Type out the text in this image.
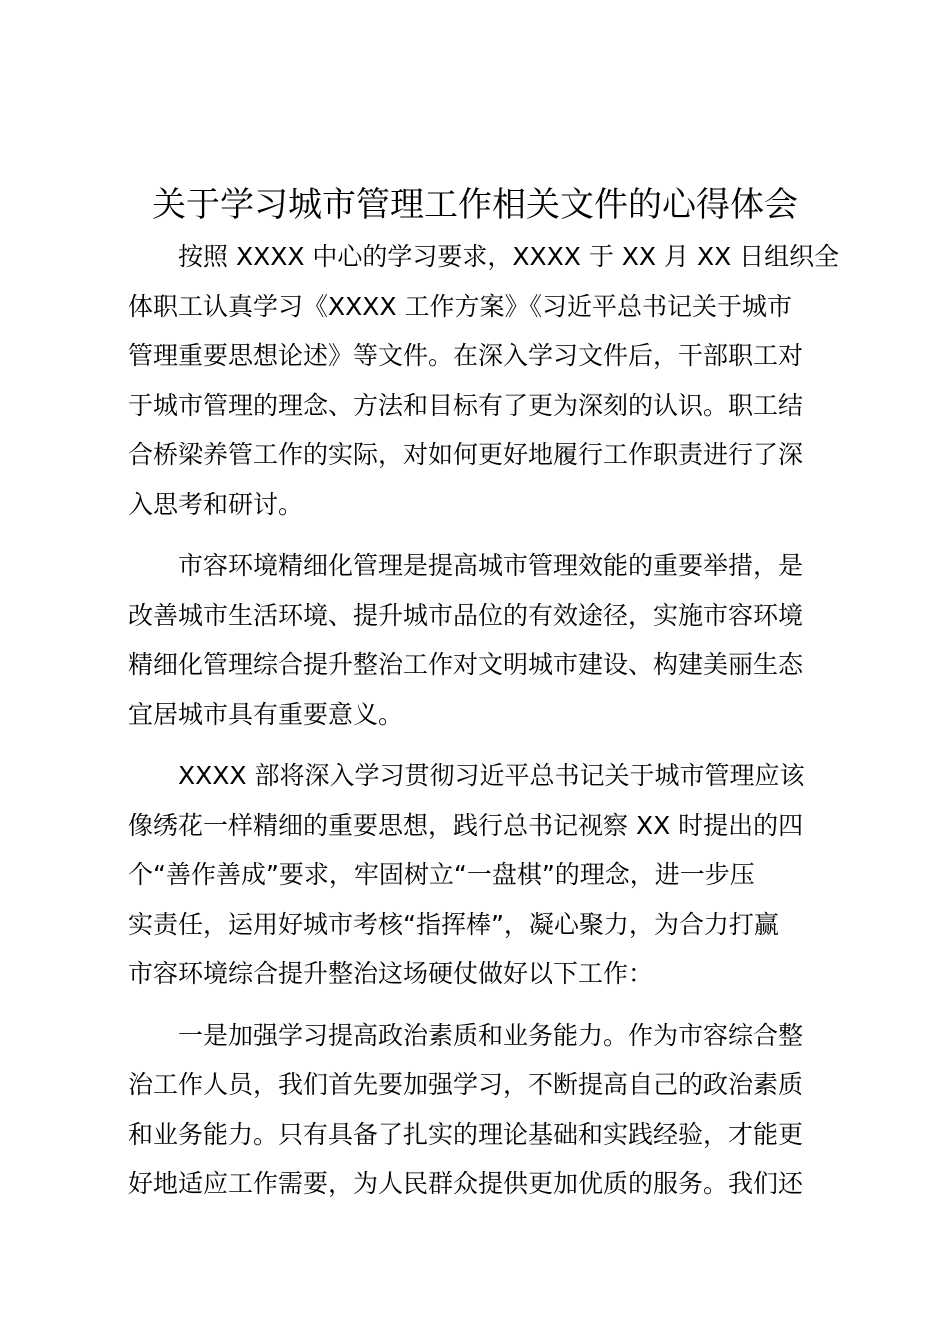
关于学习城市管理工作相关文件的心得体会

按照 XXXX 中心的学习要求，XXXX 于 XX 月 XX 日组织全
体职工认真学习《XXXX 工作方案》《习近平总书记关于城市
管理重要思想论述》等文件。在深入学习文件后，干部职工对
于城市管理的理念、方法和目标有了更为深刻的认识。职工结
合桥梁养管工作的实际，对如何更好地履行工作职责进行了深
入思考和研讨。

市容环境精细化管理是提高城市管理效能的重要举措，是
改善城市生活环境、提升城市品位的有效途径，实施市容环境
精细化管理综合提升整治工作对文明城市建设、构建美丽生态
宜居城市具有重要意义。

XXXX 部将深入学习贯彻习近平总书记关于城市管理应该
像绣花一样精细的重要思想，践行总书记视察 XX 时提出的四
个“善作善成”要求，牢固树立“一盘棋”的理念，进一步压
实责任，运用好城市考核“指挥棒”，凝心聚力，为合力打赢
市容环境综合提升整治这场硬仗做好以下工作：

一是加强学习提高政治素质和业务能力。作为市容综合整
治工作人员，我们首先要加强学习，不断提高自己的政治素质
和业务能力。只有具备了扎实的理论基础和实践经验，才能更
好地适应工作需要，为人民群众提供更加优质的服务。我们还
